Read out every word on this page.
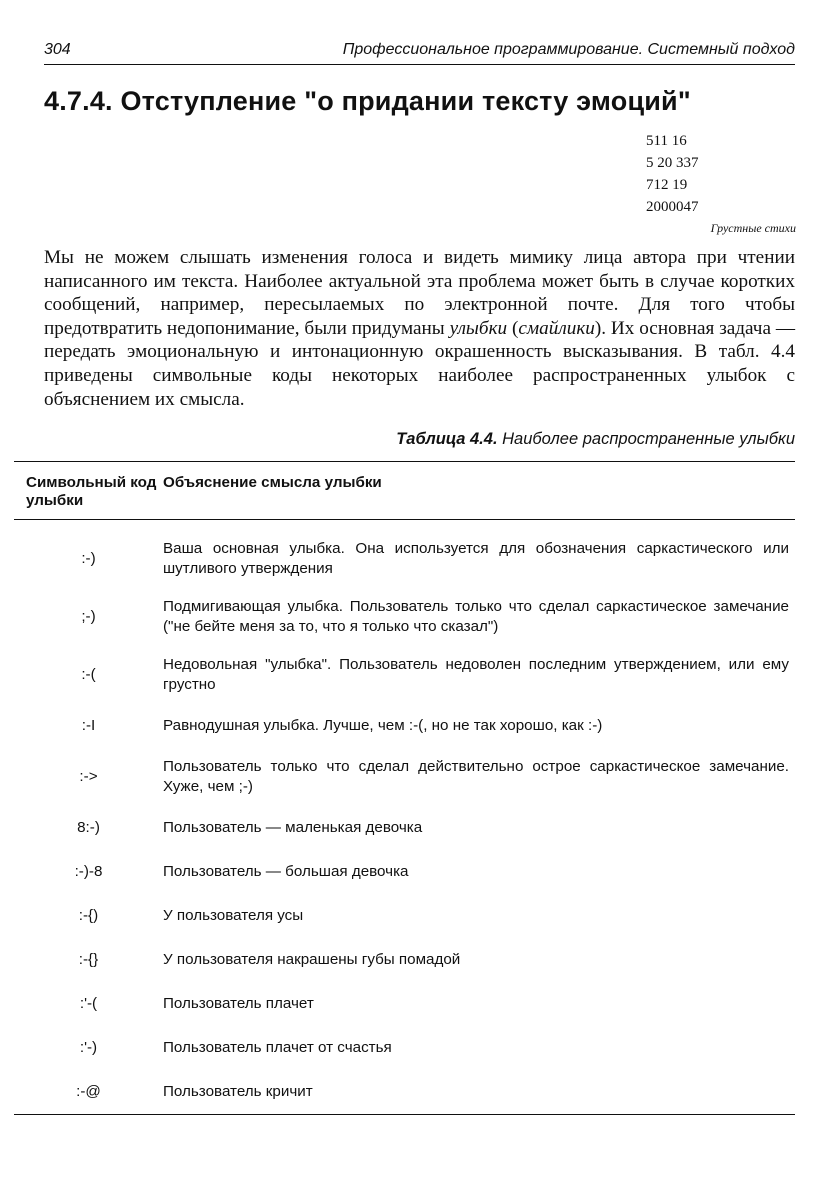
304	Профессиональное программирование. Системный подход
4.7.4. Отступление "о придании тексту эмоций"
511 16
5 20 337
712 19
2000047
Грустные стихи

Мы не можем слышать изменения голоса и видеть мимику лица автора при чтении написанного им текста. Наиболее актуальной эта проблема может быть в случае коротких сообщений, например, пересылаемых по электронной почте. Для того чтобы предотвратить недопонимание, были придуманы улыбки (смайлики). Их основная задача — передать эмоциональную и интонационную окрашенность высказывания. В табл. 4.4 приведены символьные коды некоторых наиболее распространенных улыбок с объяснением их смысла.

Таблица 4.4. Наиболее распространенные улыбки
Символьный код улыбки	Объяснение смысла улыбки

:-)	Ваша основная улыбка. Она используется для обозначения саркастического или шутливого утверждения
;-)	Подмигивающая улыбка. Пользователь только что сделал саркастическое замечание ("не бейте меня за то, что я только что сказал")
:-(	Недовольная "улыбка". Пользователь недоволен последним утверждением, или ему грустно
:-I	Равнодушная улыбка. Лучше, чем :-(, но не так хорошо, как :-)
:->	Пользователь только что сделал действительно острое саркастическое замечание. Хуже, чем ;-)
8:-)	Пользователь — маленькая девочка
:-)-8	Пользователь — большая девочка
:-{)	У пользователя усы
:-{}	У пользователя накрашены губы помадой
:'-(	Пользователь плачет
:'-)	Пользователь плачет от счастья
:-@	Пользователь кричит
